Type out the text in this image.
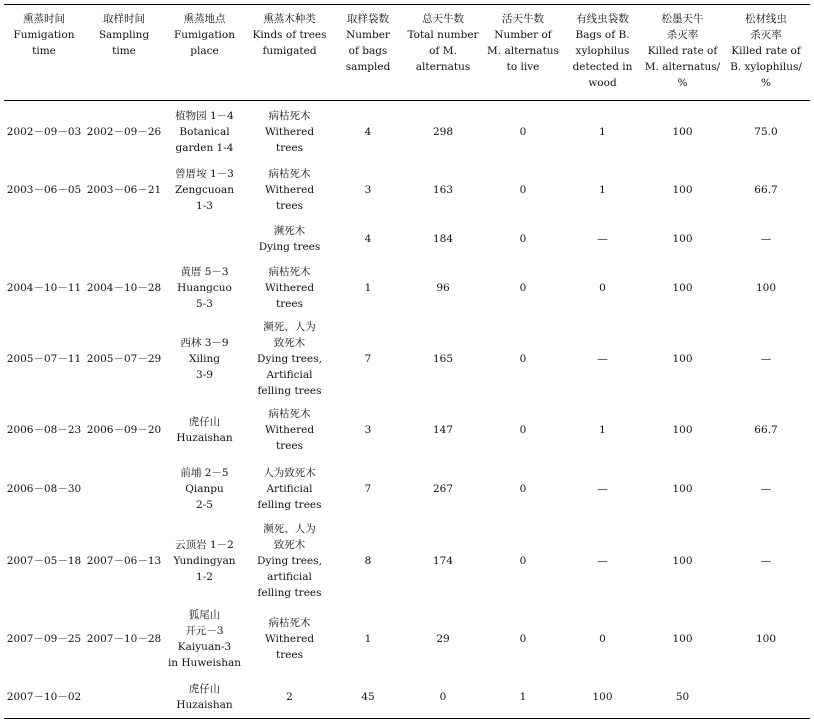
熏蒸时间
Fumigation
time	取样时间
Sampling
time	熏蒸地点
Fumigation
place	熏蒸木种类
Kinds of trees
fumigated	取样袋数
Number
of bags
sampled	总天牛数
Total number
of M.
alternatus	活天牛数
Number of
M. alternatus
to live	有线虫袋数
Bags of B.
xylophilus
detected in
wood	松墨天牛
杀灭率
Killed rate of
M. alternatus/
%	松材线虫
杀灭率
Killed rate of
B. xylophilus/
%

2002－09－03	2002－09－26	植物园 1－4
Botanical
garden 1-4	病枯死木
Withered
trees	4	298	0	1	100	75.0
2003－06－05	2003－06－21	曾厝垵 1－3
Zengcuoan
1-3	病枯死木
Withered
trees	3	163	0	1	100	66.7
			濒死木
Dying trees	4	184	0	—	100	—
2004－10－11	2004－10－28	黄厝 5－3
Huangcuo
5-3	病枯死木
Withered
trees	1	96	0	0	100	100
2005－07－11	2005－07－29	西林 3－9
Xiling
3-9	濒死、人为
致死木
Dying trees,
Artificial
felling trees	7	165	0	—	100	—
2006－08－23	2006－09－20	虎仔山
Huzaishan	病枯死木
Withered
trees	3	147	0	1	100	66.7
2006－08－30		前埔 2－5
Qianpu
2-5	人为致死木
Artificial
felling trees	7	267	0	—	100	—
2007－05－18	2007－06－13	云顶岩 1－2
Yundingyan
1-2	濒死、人为
致死木
Dying trees,
artificial
felling trees	8	174	0	—	100	—
2007－09－25	2007－10－28	狐尾山
开元－3
Kaiyuan-3
in Huweishan	病枯死木
Withered
trees	1	29	0	0	100	100
2007－10－02		虎仔山
Huzaishan	2	45	0	1	100	50	
